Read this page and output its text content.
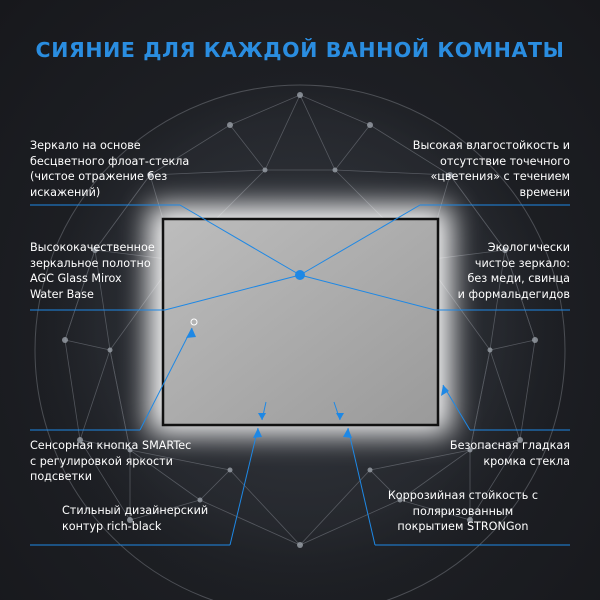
СИЯНИЕ ДЛЯ КАЖДОЙ ВАННОЙ КОМНАТЫ
Зеркало на основе
бесцветного флоат-стекла
(чистое отражение без
искажений)
Высокая влагостойкость и
отсутствие точечного
«цветения» с течением
времени
Высококачественное
зеркальное полотно
AGC Glass Mirox
Water Base
Экологически
чистое зеркало:
без меди, свинца
и формальдегидов
Сенсорная кнопка SMARTec
с регулировкой яркости
подсветки
Безопасная гладкая
кромка стекла
Стильный дизайнерский
контур rich-black
Коррозийная стойкость с
поляризованным
покрытием STRONGon
